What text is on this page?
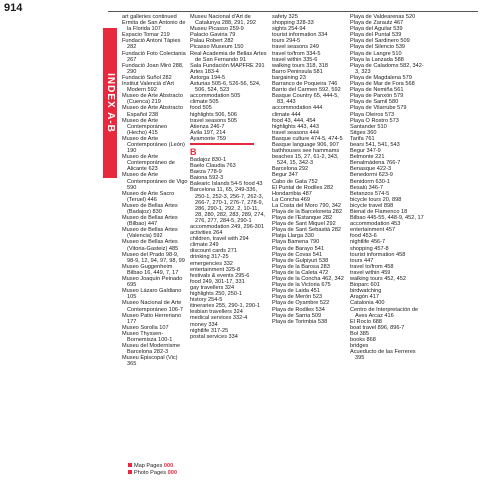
914
INDEX A-B
art galleries continued
Ermita de San Antonio de la Florida 107
Espacio Tomar 219
Fundació Antoni Tàpies 282
Fundació Foto Colectania 267
Fundació Joan Miró 288, 290
Fundació Suñol 282
Institut Valencià d'Art Modern 592
Museo de Arte Abstracto (Cuenca) 219
Museo de Arte Abstracto Español 238
Museo de Arte Contemporáneo (Hecho) 415
Museo de Arte Contemporáneo (León) 190
Museo de Arte Contemporáneo de Alicante 623
Museo de Arte Contemporáneo de Vigo 590
Museo de Arte Sacro (Teruel) 446
Museo de Bellas Artes (Badajoz) 830
Museo de Bellas Artes (Bilbao) 447
Museo de Bellas Artes (Valencia) 592
Museo de Bellas Artes (Vitoria-Gasteiz) 485
Museo del Prado 98-9, 98-9, 12, 94, 97, 98, 99
Museo Guggenheim Bilbao 16, 449, 7, 17
Museo Joaquín Peinado 695
Museo Lázaro Galdiano 105
Museo Nacional de Arte Contemporáneo 106-7
Museo Patio Herreriano 177
Museo Sorolla 107
Museo Thyssen-Bornemisza 100-1
Museu del Modernisme Barcelona 282-3
Museu Episcopal (Vic) 365
Museu Nacional d'Art de Catalunya 288, 291, 292
Museu Picasso 259-9
Palacio Gaviria 79
Palau Robert 282
Picasso Museum 150
Real Academia de Bellas Artes de San Fernando 91
Sala Fundación MAPFRE 291
Artes 183-4
Astorga 194-5
Asturias 505-6, 526-56, 524, 506, 524, 523
accommodation 505
climate 505
food 505
highlights 506, 506
travel seasons 505
Atienza 246-7
Ávila 197, 214
Ayamonte 759
B
Badajoz 830-1
Baelo Claudia 763
Baeza 778-9
Baiona 592-3
Balearic Islands 54-5 food 43
Barcelona 11, 65, 249-336, 250-1, 252-3, 256-7, 262-3, 266-7, 270-1, 276-7, 278-9, 286, 290-1, 292, 2, 10-11, 28, 280, 282, 283, 289, 274, 276, 277, 284-5, 290-1
accommodation 249, 296-301
activities 264
children, travel with 294
climate 249
discount cards 271
drinking 317-25
emergencies 332
entertainment 325-8
festivals & events 295-6
food 249, 301-17, 331
gay travellers 324
highlights 250, 250-1
history 254-5
itineraries 255, 290-1, 290-1
lesbian travellers 324
medical services 332-4
money 334
nightlife 317-25
postal services 334
safety 325
shopping 328-33
sights 254-94
tourist information 334
tours 294-5
travel seasons 249
travel to/from 334-5
travel within 335-6
walking tours 318, 318
Barro Peninsula 581
bargaining 23
Barranco de Poqueira 746
Barrio del Carmen 592, 592
Basque Country 65, 444-5, 83, 443
accommodation 444
climate 444
food 43, 444, 454
highlights 443, 443
travel seasons 444
Basque culture 474-5, 474-5
Basque language 906, 907
bathhouses see hammams
beaches 15, 27, 61-2, 343, 524, 15, 342-3
Barcelona 292
Begur 347
Cabo de Gata 752
El Puntal de Rodiles 282
Hondarribia 487
La Concha 469
La Costa del Moro 790, 342
Playa de la Barceloneta 282
Playa de l'Estanque 282
Playa de Sant Miquel 292
Playa de Sant Sebastià 282
Platja Llarga 330
Playa Bamena 790
Playa de Barayo 541
Playa de Covas 541
Playa de Gulpiyuri 538
Playa de la Barosa 283
Playa de la Caleta 472
Playa de la Concha 462, 342
Playa de la Victoria 675
Playa de Laida 451
Playa de Merón 523
Playa de Oyambre 522
Playa de Rodiles 534
Playa de Sarria 509
Playa de Torimbia 538
Playa de Valdearenas 520
Playa de Zarautz 467
Playa del Aguilar 539
Playa del Puntal 539
Playa del Sardinero 509
Playa del Silencio 539
Playa de Langre 510
Playa la Lanzada 588
Playa de Caladoms 582, 342-3, 323
Playa de Magdalena 579
Playa de Mar de Fora 568
Playa de Nemiña 561
Playa de Panxón 579
Playa de Samil 580
Playa de Vilarrube 579
Playa Oleiros 573
Playa O Rostro 573
Santander 510
Sitges 360
Tarifa 761
bears 541, 541, 543
Begur 347-9
Belmonte 221
Benalmádena 766-7
Benasque 422-3
Benedormi 623-9
Benidorm 630-1
Besalú 346-7
Betanzos 574-5
bicycle tours 20, 898
bicycle travel 898
Bienal de Flamenco 18
Bilbao 445-55, 448-9, 452, 17
accommodation 453
entertainment 457
food 453-6
nightlife 456-7
shopping 457-8
tourist information 458
tours 447
travel to/from 458
travel within 459
walking tours 452, 452
Bioparc 601
birdwatching
Aragón 417
Catalonia 400
Centro de Interpretación de Aves Arcaz 416
El Rocío 688
boat travel 896, 896-7
Bol 385
books 868
bridges
Acueducto de las Ferreres 395
Map Pages 000
Photo Pages 000
